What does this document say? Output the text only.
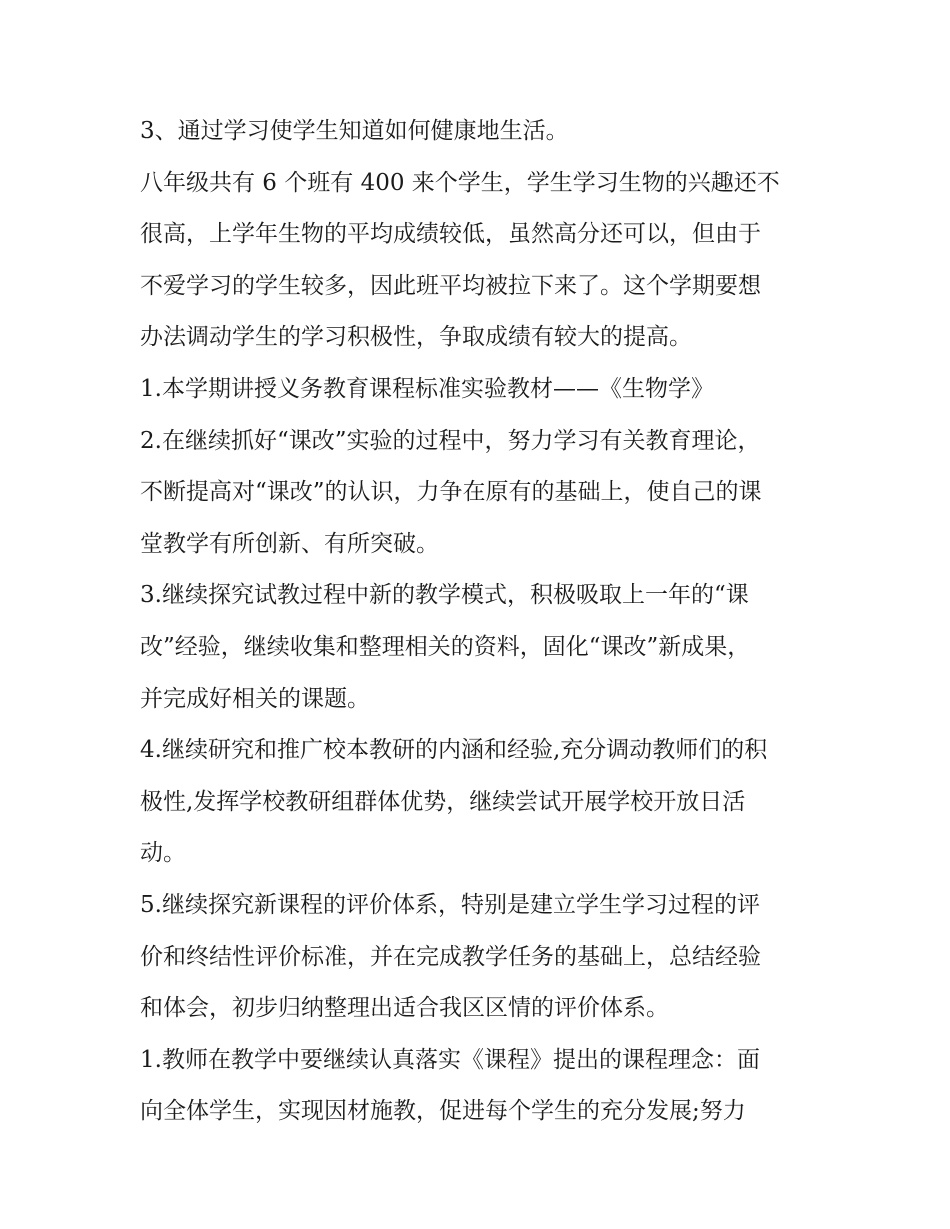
3、通过学习使学生知道如何健康地生活。
八年级共有 6 个班有 400 来个学生，学生学习生物的兴趣还不
很高，上学年生物的平均成绩较低，虽然高分还可以，但由于
不爱学习的学生较多，因此班平均被拉下来了。这个学期要想
办法调动学生的学习积极性，争取成绩有较大的提高。
1.本学期讲授义务教育课程标准实验教材——《生物学》
2.在继续抓好“课改”实验的过程中，努力学习有关教育理论，
不断提高对“课改”的认识，力争在原有的基础上，使自己的课
堂教学有所创新、有所突破。
3.继续探究试教过程中新的教学模式，积极吸取上一年的“课
改”经验，继续收集和整理相关的资料，固化“课改”新成果，
并完成好相关的课题。
4.继续研究和推广校本教研的内涵和经验,充分调动教师们的积
极性,发挥学校教研组群体优势，继续尝试开展学校开放日活
动。
5.继续探究新课程的评价体系，特别是建立学生学习过程的评
价和终结性评价标准，并在完成教学任务的基础上，总结经验
和体会，初步归纳整理出适合我区区情的评价体系。
1.教师在教学中要继续认真落实《课程》提出的课程理念：面
向全体学生，实现因材施教，促进每个学生的充分发展;努力
